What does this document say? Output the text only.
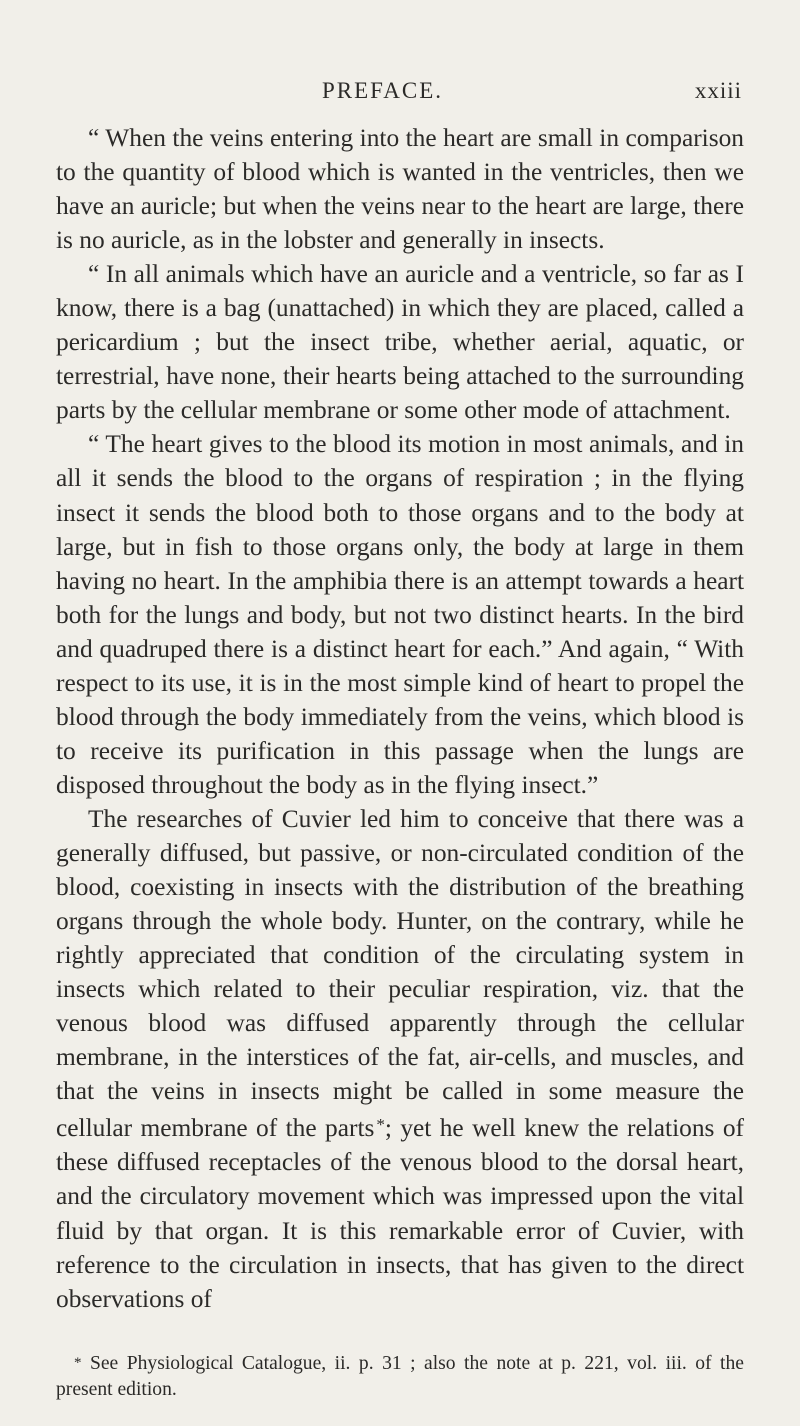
PREFACE.	xxiii

“ When the veins entering into the heart are small in comparison to the quantity of blood which is wanted in the ventricles, then we have an auricle; but when the veins near to the heart are large, there is no auricle, as in the lobster and generally in insects.

“ In all animals which have an auricle and a ventricle, so far as I know, there is a bag (unattached) in which they are placed, called a pericardium ; but the insect tribe, whether aerial, aquatic, or terrestrial, have none, their hearts being attached to the surrounding parts by the cellular membrane or some other mode of attachment.

“ The heart gives to the blood its motion in most animals, and in all it sends the blood to the organs of respiration ; in the flying insect it sends the blood both to those organs and to the body at large, but in fish to those organs only, the body at large in them having no heart. In the amphibia there is an attempt towards a heart both for the lungs and body, but not two distinct hearts. In the bird and quadruped there is a distinct heart for each.” And again, “ With respect to its use, it is in the most simple kind of heart to propel the blood through the body immediately from the veins, which blood is to receive its purification in this passage when the lungs are disposed throughout the body as in the flying insect.”

The researches of Cuvier led him to conceive that there was a generally diffused, but passive, or non-circulated condition of the blood, coexisting in insects with the distribution of the breathing organs through the whole body. Hunter, on the contrary, while he rightly appreciated that condition of the circulating system in insects which related to their peculiar respiration, viz. that the venous blood was diffused apparently through the cellular membrane, in the interstices of the fat, air-cells, and muscles, and that the veins in insects might be called in some measure the cellular membrane of the parts *; yet he well knew the relations of these diffused receptacles of the venous blood to the dorsal heart, and the circulatory movement which was impressed upon the vital fluid by that organ. It is this remarkable error of Cuvier, with reference to the circulation in insects, that has given to the direct observations of

* See Physiological Catalogue, ii. p. 31 ; also the note at p. 221, vol. iii. of the present edition.
